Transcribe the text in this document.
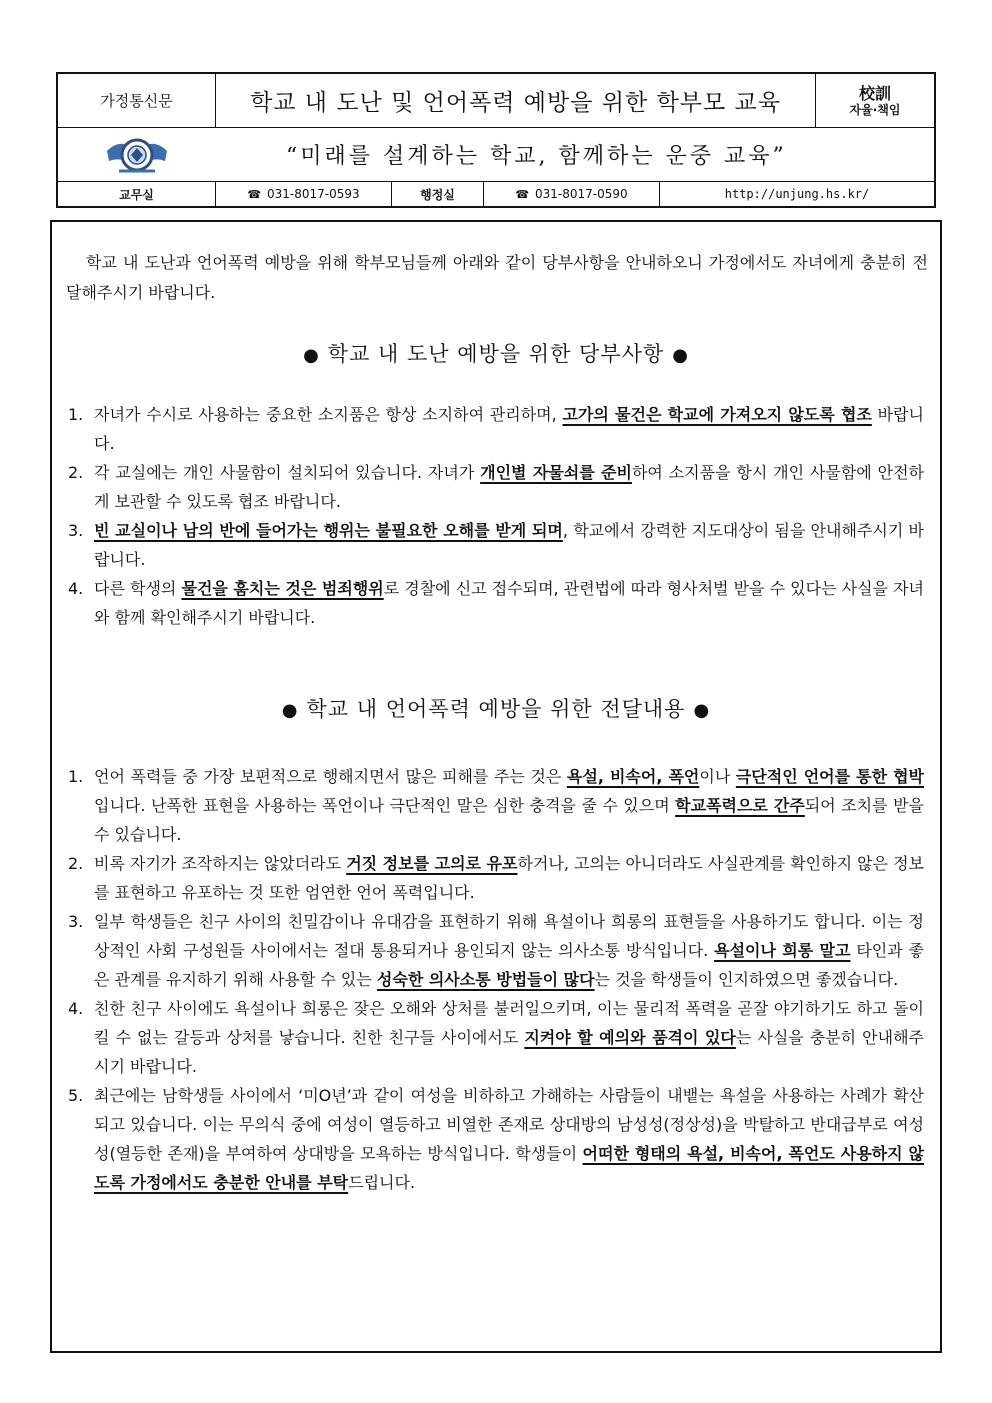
가정통신문	학교 내 도난 및 언어폭력 예방을 위한 학부모 교육	校訓
자율·책임
“미래를 설계하는 학교, 함께하는 운중 교육”
교무실	☎ 031-8017-0593	행정실	☎ 031-8017-0590	http://unjung.hs.kr/
학교 내 도난과 언어폭력 예방을 위해 학부모님들께 아래와 같이 당부사항을 안내하오니 가정에서도 자녀에게 충분히 전달해주시기 바랍니다.
● 학교 내 도난 예방을 위한 당부사항 ●
1. 자녀가 수시로 사용하는 중요한 소지품은 항상 소지하여 관리하며, 고가의 물건은 학교에 가져오지 않도록 협조 바랍니다.
2. 각 교실에는 개인 사물함이 설치되어 있습니다. 자녀가 개인별 자물쇠를 준비하여 소지품을 항시 개인 사물함에 안전하게 보관할 수 있도록 협조 바랍니다.
3. 빈 교실이나 남의 반에 들어가는 행위는 불필요한 오해를 받게 되며, 학교에서 강력한 지도대상이 됨을 안내해주시기 바랍니다.
4. 다른 학생의 물건을 훔치는 것은 범죄행위로 경찰에 신고 접수되며, 관련법에 따라 형사처벌 받을 수 있다는 사실을 자녀와 함께 확인해주시기 바랍니다.
● 학교 내 언어폭력 예방을 위한 전달내용 ●
1. 언어 폭력들 중 가장 보편적으로 행해지면서 많은 피해를 주는 것은 욕설, 비속어, 폭언이나 극단적인 언어를 통한 협박입니다. 난폭한 표현을 사용하는 폭언이나 극단적인 말은 심한 충격을 줄 수 있으며 학교폭력으로 간주되어 조치를 받을 수 있습니다.
2. 비록 자기가 조작하지는 않았더라도 거짓 정보를 고의로 유포하거나, 고의는 아니더라도 사실관계를 확인하지 않은 정보를 표현하고 유포하는 것 또한 엄연한 언어 폭력입니다.
3. 일부 학생들은 친구 사이의 친밀감이나 유대감을 표현하기 위해 욕설이나 희롱의 표현들을 사용하기도 합니다. 이는 정상적인 사회 구성원들 사이에서는 절대 통용되거나 용인되지 않는 의사소통 방식입니다. 욕설이나 희롱 말고 타인과 좋은 관계를 유지하기 위해 사용할 수 있는 성숙한 의사소통 방법들이 많다는 것을 학생들이 인지하였으면 좋겠습니다.
4. 친한 친구 사이에도 욕설이나 희롱은 잦은 오해와 상처를 불러일으키며, 이는 물리적 폭력을 곧잘 야기하기도 하고 돌이킬 수 없는 갈등과 상처를 낳습니다. 친한 친구들 사이에서도 지켜야 할 예의와 품격이 있다는 사실을 충분히 안내해주시기 바랍니다.
5. 최근에는 남학생들 사이에서 ‘미O년’과 같이 여성을 비하하고 가해하는 사람들이 내뱉는 욕설을 사용하는 사례가 확산되고 있습니다. 이는 무의식 중에 여성이 열등하고 비열한 존재로 상대방의 남성성(정상성)을 박탈하고 반대급부로 여성성(열등한 존재)을 부여하여 상대방을 모욕하는 방식입니다. 학생들이 어떠한 형태의 욕설, 비속어, 폭언도 사용하지 않도록 가정에서도 충분한 안내를 부탁드립니다.
